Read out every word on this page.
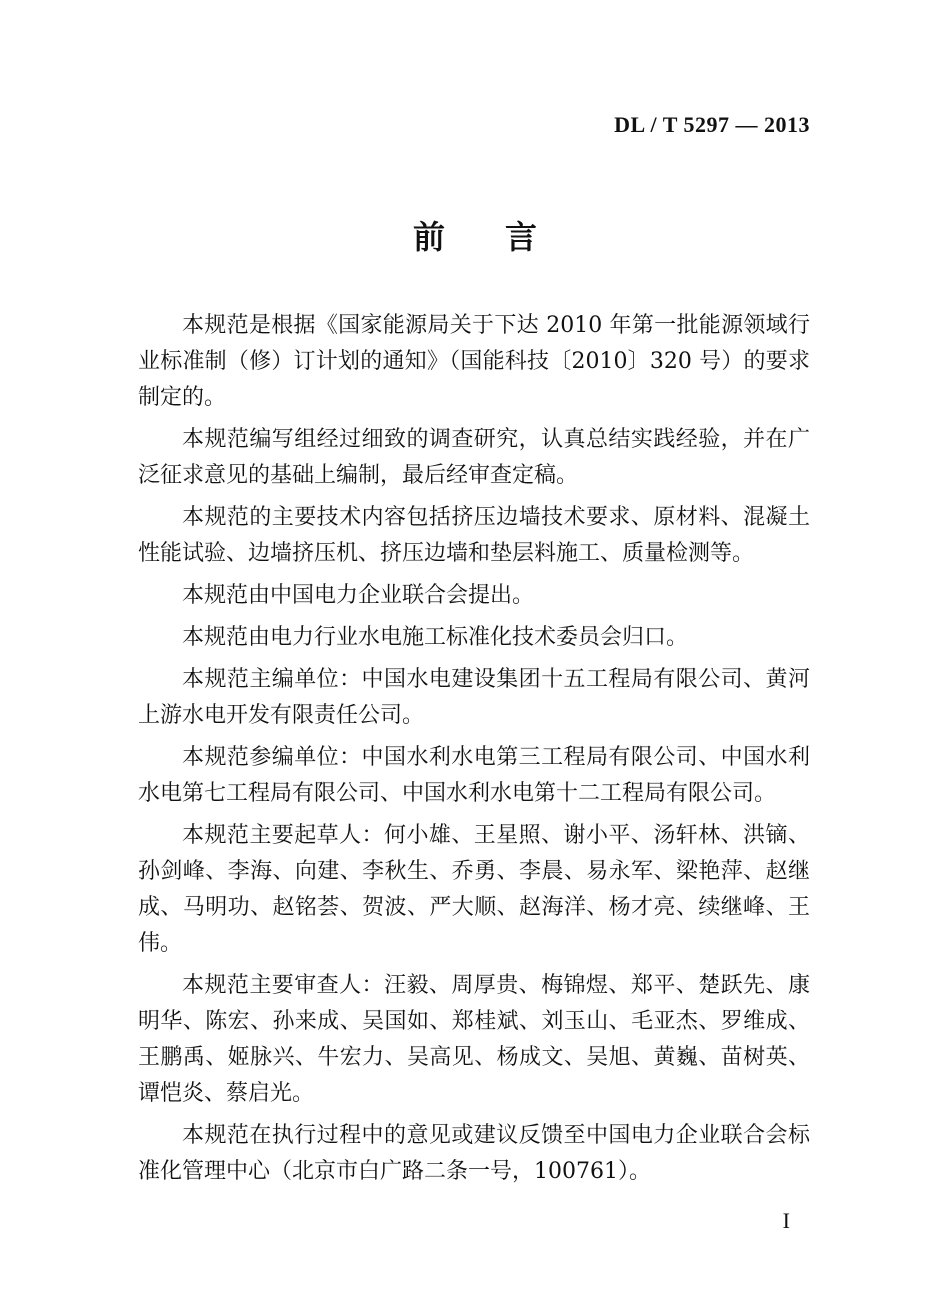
DL / T 5297 — 2013
前言

本规范是根据《国家能源局关于下达 2010 年第一批能源领域行业标准制（修）订计划的通知》（国能科技〔2010〕320 号）的要求制定的。

本规范编写组经过细致的调查研究，认真总结实践经验，并在广泛征求意见的基础上编制，最后经审查定稿。

本规范的主要技术内容包括挤压边墙技术要求、原材料、混凝土性能试验、边墙挤压机、挤压边墙和垫层料施工、质量检测等。

本规范由中国电力企业联合会提出。

本规范由电力行业水电施工标准化技术委员会归口。

本规范主编单位：中国水电建设集团十五工程局有限公司、黄河上游水电开发有限责任公司。

本规范参编单位：中国水利水电第三工程局有限公司、中国水利水电第七工程局有限公司、中国水利水电第十二工程局有限公司。

本规范主要起草人：何小雄、王星照、谢小平、汤轩林、洪镝、孙剑峰、李海、向建、李秋生、乔勇、李晨、易永军、梁艳萍、赵继成、马明功、赵铭荟、贺波、严大顺、赵海洋、杨才亮、续继峰、王伟。

本规范主要审查人：汪毅、周厚贵、梅锦煜、郑平、楚跃先、康明华、陈宏、孙来成、吴国如、郑桂斌、刘玉山、毛亚杰、罗维成、王鹏禹、姬脉兴、牛宏力、吴高见、杨成文、吴旭、黄巍、苗树英、谭恺炎、蔡启光。

本规范在执行过程中的意见或建议反馈至中国电力企业联合会标准化管理中心（北京市白广路二条一号，100761）。

I
